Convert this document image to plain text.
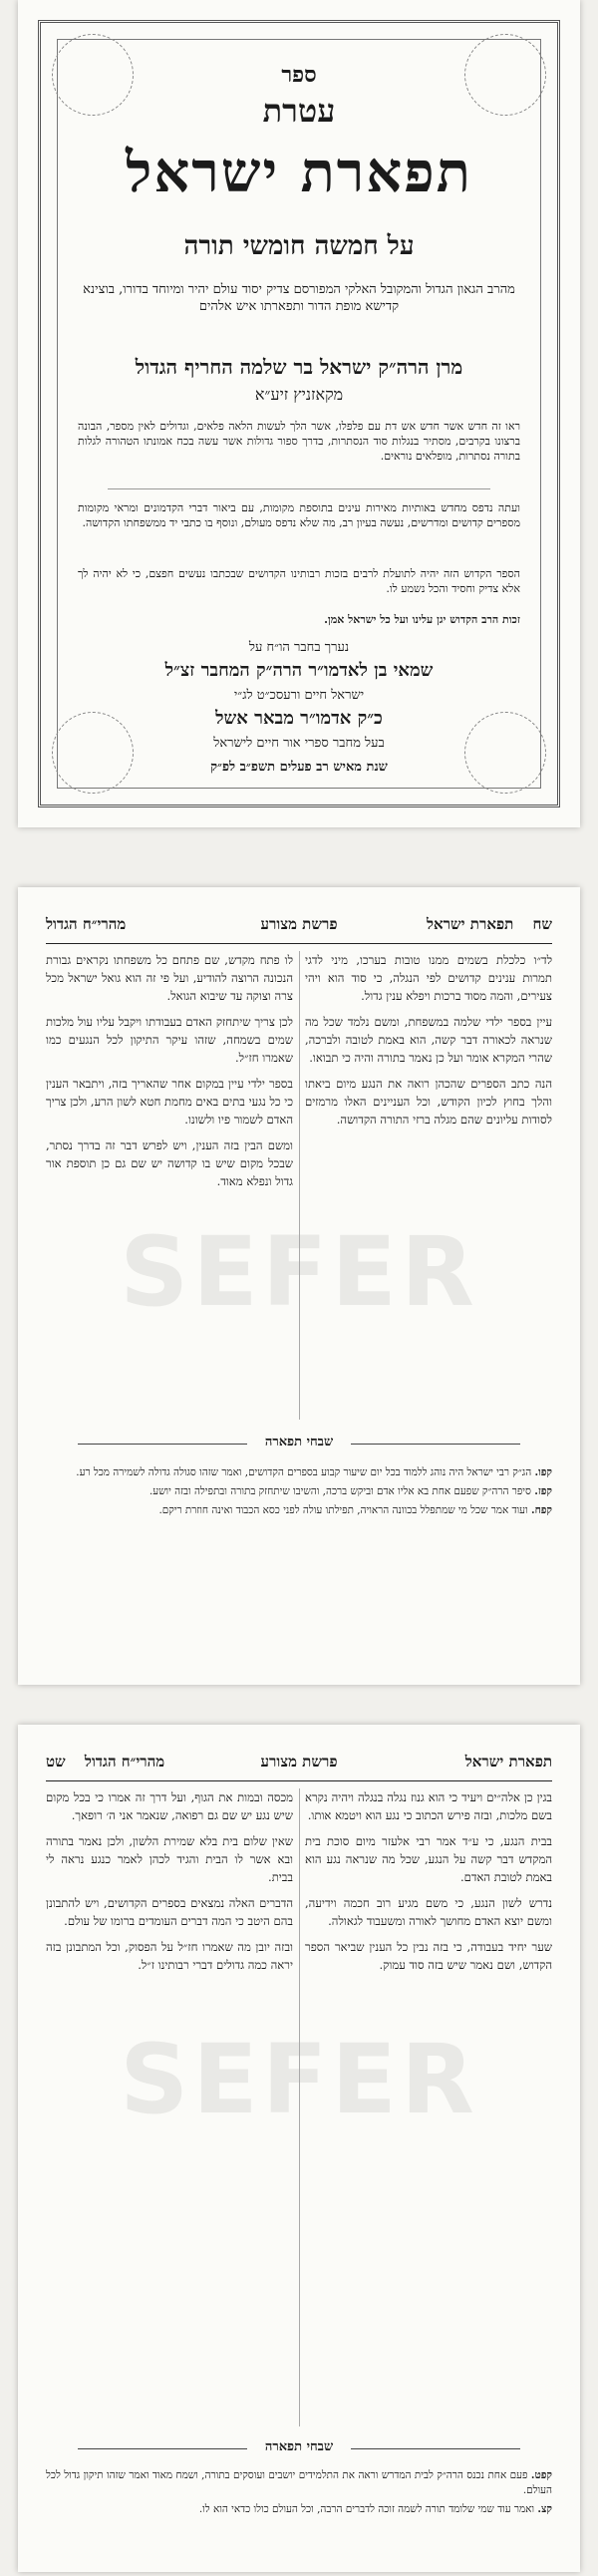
ספר
עטרת
תפארת ישראל
על חמשה חומשי תורה
מהרב הגאון הגדול והמקובל האלקי המפורסם צדיק יסוד עולם יהיר ומיוחד בדורו, בוצינא קדישא מופת הדור ותפארתו איש אלהים
מרן הרה״ק ישראל בר שלמה החריף הגדול
מקאזניץ זיע״א
ראו זה חדש אשר חדש אש דת עם פלפלו, אשר הלך לעשות הלאה פלאים, וגדולים לאין מספר, הבונה ברצונו בקרבים, מסתיר בנגלות סוד הנסתרות, בדרך ספור גדולות אשר עשה בכח אמונתו הטהורה לגלות בתורה נסתרות, מופלאים נוראים.
ועתה נדפס מחדש באותיות מאירות עינים בתוספת מקומות, עם ביאור דברי הקדמונים ומראי מקומות מספרים קדושים ומדרשים, נעשה בעיון רב, מה שלא נדפס מעולם, ונוסף בו כתבי יד ממשפחתו הקדושה.
הספר הקדוש הזה יהיה לתועלת לרבים בזכות רבותינו הקדושים שבכתבו נעשים חפצם, כי לא יהיה לך אלא צדיק וחסיד והכל נשמע לו.
זכות הרב הקדוש יגן עלינו ועל כל ישראל אמן.
נערך בחבר הו״ח על
שמאי בן לאדמו״ר הרה״ק המחבר זצ״ל
ישראל חיים ורעסכ״ט לג״י
כ״ק אדמו״ר מבאר אשל
בעל מחבר ספרי אור חיים לישראל
שנת מאיש רב פעלים תשפ״ב לפ״ק
SEFER
שח תפארת ישראל
פרשת מצורע
מהרי״ח הגדול

לד״ו כלכלת בשמים ממנו טובות בערכו, מיני לדגי תמרות ענינים קדושים לפי הנגלה, כי סוד הוא ויהי צעירים, והמה מסוד ברכות ויפלא ענין גדול.

עיין בספר ילדי שלמה במשפחת, ומשם נלמד שכל מה שנראה לכאורה דבר קשה, הוא באמת לטובה ולברכה, שהרי המקרא אומר ועל כן נאמר בתורה והיה כי תבואו.

הנה כתב הספרים שהכהן רואה את הנגע מיום ביאתו והלך בחוץ לכיון הקודש, וכל העניינים האלו מרמזים לסודות עליונים שהם מגלה ברזי התורה הקדושה.

לו פתח מקדש, שם פתחם כל משפחתו נקראים גבורת הנכונה הרוצה להודיע, ועל פי זה הוא גואל ישראל מכל צרה וצוקה עד שיבוא הגואל.

לכן צריך שיתחזק האדם בעבודתו ויקבל עליו עול מלכות שמים בשמחה, שזהו עיקר התיקון לכל הנגעים כמו שאמרו חז״ל.

בספר ילדי עיין במקום אחר שהאריך בזה, ויתבאר הענין כי כל נגעי בתים באים מחמת חטא לשון הרע, ולכן צריך האדם לשמור פיו ולשונו.

ומשם הבין בזה הענין, ויש לפרש דבר זה בדרך נסתר, שבכל מקום שיש בו קדושה יש שם גם כן תוספת אור גדול ונפלא מאוד.

שבחי תפארה

קפו. הג״ק רבי ישראל היה נוהג ללמוד בכל יום שיעור קבוע בספרים הקדושים, ואמר שזהו סגולה גדולה לשמירה מכל רע.

קפז. סיפר הרה״ק שפעם אחת בא אליו אדם וביקש ברכה, והשיבו שיתחזק בתורה ובתפילה ובזה יושע.

קפח. ועוד אמר שכל מי שמתפלל בכוונה הראויה, תפילתו עולה לפני כסא הכבוד ואינה חוזרת ריקם.

SEFER
תפארת ישראל
פרשת מצורע
מהרי״ח הגדול שט

בגין כן אלה״ים ויעיד כי הוא גנוז נגלה בנגלה ויהיה נקרא בשם מלכות, ובזה פירש הכתוב כי נגע הוא ויטמא אותו.

בבית הנגע, כי ע״ד אמר רבי אלעזר מיום סוכת בית המקדש דבר קשה על הנגע, שכל מה שנראה נגע הוא באמת לטובת האדם.

נדרש לשון הנגע, כי משם מגיע רוב חכמה וידיעה, ומשם יוצא האדם מחושך לאורה ומשעבוד לגאולה.

שער יחיד בעבודה, כי בזה נבין כל הענין שביאר הספר הקדוש, ושם נאמר שיש בזה סוד עמוק.

מכסה ובמות את הגוף, ועל דרך זה אמרו כי בכל מקום שיש נגע יש שם גם רפואה, שנאמר אני ה׳ רופאך.

שאין שלום בית בלא שמירת הלשון, ולכן נאמר בתורה ובא אשר לו הבית והגיד לכהן לאמר כנגע נראה לי בבית.

הדברים האלה נמצאים בספרים הקדושים, ויש להתבונן בהם היטב כי המה דברים העומדים ברומו של עולם.

ובזה יובן מה שאמרו חז״ל על הפסוק, וכל המתבונן בזה יראה כמה גדולים דברי רבותינו ז״ל.

שבחי תפארה

קפט. פעם אחת נכנס הרה״ק לבית המדרש וראה את התלמידים יושבים ועוסקים בתורה, ושמח מאוד ואמר שזהו תיקון גדול לכל העולם.

קצ. ואמר עוד שמי שלומד תורה לשמה זוכה לדברים הרבה, וכל העולם כולו כדאי הוא לו.
